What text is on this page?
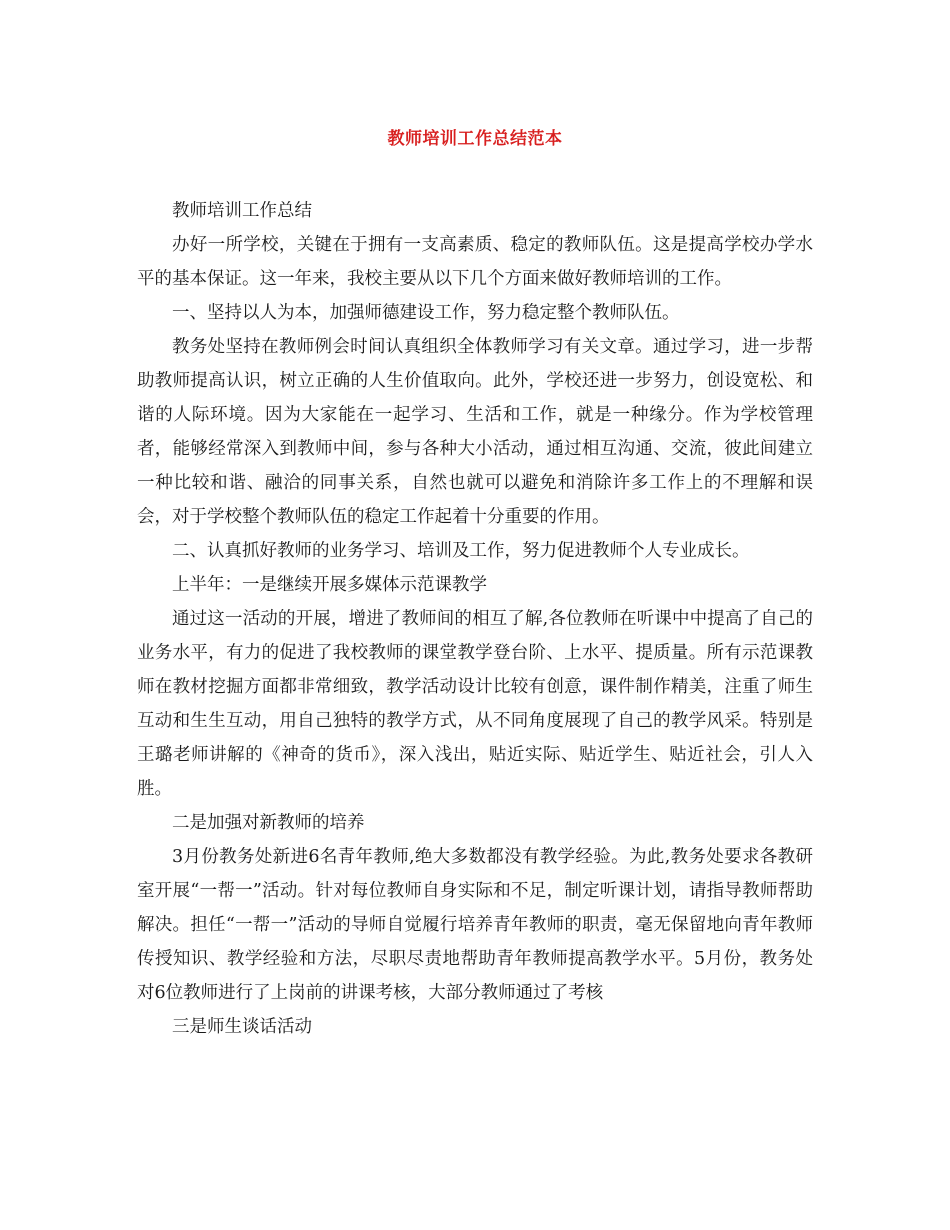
教师培训工作总结范本

教师培训工作总结

办好一所学校，关键在于拥有一支高素质、稳定的教师队伍。这是提高学校办学水平的基本保证。这一年来，我校主要从以下几个方面来做好教师培训的工作。

一、坚持以人为本，加强师德建设工作，努力稳定整个教师队伍。

教务处坚持在教师例会时间认真组织全体教师学习有关文章。通过学习，进一步帮助教师提高认识，树立正确的人生价值取向。此外，学校还进一步努力，创设宽松、和谐的人际环境。因为大家能在一起学习、生活和工作，就是一种缘分。作为学校管理者，能够经常深入到教师中间，参与各种大小活动，通过相互沟通、交流，彼此间建立一种比较和谐、融洽的同事关系，自然也就可以避免和消除许多工作上的不理解和误会，对于学校整个教师队伍的稳定工作起着十分重要的作用。

二、认真抓好教师的业务学习、培训及工作，努力促进教师个人专业成长。

上半年：一是继续开展多媒体示范课教学

通过这一活动的开展，增进了教师间的相互了解,各位教师在听课中中提高了自己的业务水平，有力的促进了我校教师的课堂教学登台阶、上水平、提质量。所有示范课教师在教材挖掘方面都非常细致，教学活动设计比较有创意，课件制作精美，注重了师生互动和生生互动，用自己独特的教学方式，从不同角度展现了自己的教学风采。特别是王璐老师讲解的《神奇的货币》，深入浅出，贴近实际、贴近学生、贴近社会，引人入胜。

二是加强对新教师的培养

3月份教务处新进6名青年教师,绝大多数都没有教学经验。为此,教务处要求各教研室开展“一帮一”活动。针对每位教师自身实际和不足，制定听课计划，请指导教师帮助解决。担任“一帮一”活动的导师自觉履行培养青年教师的职责，毫无保留地向青年教师传授知识、教学经验和方法，尽职尽责地帮助青年教师提高教学水平。5月份，教务处对6位教师进行了上岗前的讲课考核，大部分教师通过了考核

三是师生谈话活动
